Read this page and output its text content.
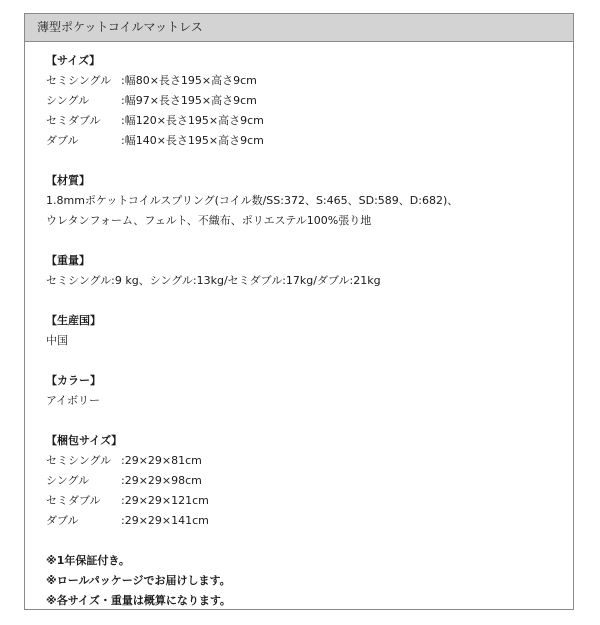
薄型ポケットコイルマットレス
【サイズ】
セミシングル :幅80×長さ195×高さ9cm
シングル	:幅97×長さ195×高さ9cm
セミダブル	:幅120×長さ195×高さ9cm
ダブル	:幅140×長さ195×高さ9cm
【材質】
1.8mmポケットコイルスプリング(コイル数/SS:372、S:465、SD:589、D:682)、
ウレタンフォーム、フェルト、不織布、ポリエステル100%張り地
【重量】
セミシングル:9 kg、シングル:13kg/セミダブル:17kg/ダブル:21kg
【生産国】
中国
【カラー】
アイボリー
【梱包サイズ】
セミシングル :29×29×81cm
シングル	:29×29×98cm
セミダブル	:29×29×121cm
ダブル	:29×29×141cm
※1年保証付き。
※ロールパッケージでお届けします。
※各サイズ・重量は概算になります。
